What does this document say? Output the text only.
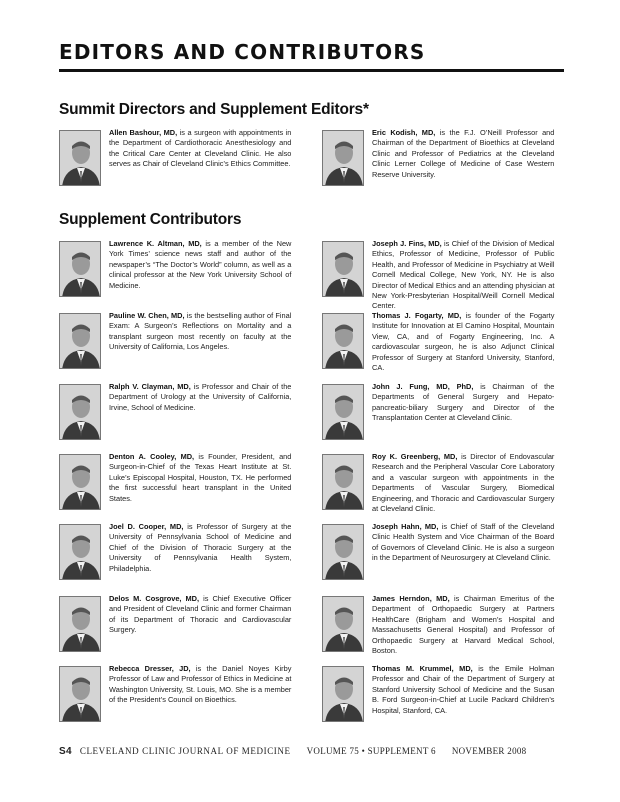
EDITORS AND CONTRIBUTORS
Summit Directors and Supplement Editors*
Supplement Contributors
Allen Bashour, MD, is a surgeon with appointments in the Department of Cardiothoracic Anesthesiology and the Critical Care Center at Cleveland Clinic. He also serves as Chair of Cleveland Clinic’s Ethics Committee.
Eric Kodish, MD, is the F.J. O’Neill Professor and Chairman of the Department of Bioethics at Cleveland Clinic and Professor of Pediatrics at the Cleveland Clinic Lerner College of Medicine of Case Western Reserve University.
Lawrence K. Altman, MD, is a member of the New York Times’ science news staff and author of the newspaper’s “The Doctor’s World” column, as well as a clinical professor at the New York University School of Medicine.
Pauline W. Chen, MD, is the bestselling author of Final Exam: A Surgeon’s Reflections on Mortality and a transplant surgeon most recently on faculty at the University of California, Los Angeles.
Ralph V. Clayman, MD, is Professor and Chair of the Department of Urology at the University of California, Irvine, School of Medicine.
Denton A. Cooley, MD, is Founder, President, and Surgeon-in-Chief of the Texas Heart Institute at St. Luke’s Episcopal Hospital, Houston, TX. He performed the first successful heart transplant in the United States.
Joel D. Cooper, MD, is Professor of Surgery at the University of Pennsylvania School of Medicine and Chief of the Division of Thoracic Surgery at the University of Pennsylvania Health System, Philadelphia.
Delos M. Cosgrove, MD, is Chief Executive Officer and President of Cleveland Clinic and former Chairman of its Department of Thoracic and Cardiovascular Surgery.
Rebecca Dresser, JD, is the Daniel Noyes Kirby Professor of Law and Professor of Ethics in Medicine at Washington University, St. Louis, MO. She is a member of the President’s Council on Bioethics.
Joseph J. Fins, MD, is Chief of the Division of Medical Ethics, Professor of Medicine, Professor of Public Health, and Professor of Medicine in Psychiatry at Weill Cornell Medical College, New York, NY. He is also Director of Medical Ethics and an attending physician at New York-Presbyterian Hospital/Weill Cornell Medical Center.
Thomas J. Fogarty, MD, is founder of the Fogarty Institute for Innovation at El Camino Hospital, Mountain View, CA, and of Fogarty Engineering, Inc. A cardiovascular surgeon, he is also Adjunct Clinical Professor of Surgery at Stanford University, Stanford, CA.
John J. Fung, MD, PhD, is Chairman of the Departments of General Surgery and Hepato-pancreatic-biliary Surgery and Director of the Transplantation Center at Cleveland Clinic.
Roy K. Greenberg, MD, is Director of Endovascular Research and the Peripheral Vascular Core Laboratory and a vascular surgeon with appointments in the Departments of Vascular Surgery, Biomedical Engineering, and Thoracic and Cardiovascular Surgery at Cleveland Clinic.
Joseph Hahn, MD, is Chief of Staff of the Cleveland Clinic Health System and Vice Chairman of the Board of Governors of Cleveland Clinic. He is also a surgeon in the Department of Neurosurgery at Cleveland Clinic.
James Herndon, MD, is Chairman Emeritus of the Department of Orthopaedic Surgery at Partners HealthCare (Brigham and Women’s Hospital and Massachusetts General Hospital) and Professor of Orthopaedic Surgery at Harvard Medical School, Boston.
Thomas M. Krummel, MD, is the Emile Holman Professor and Chair of the Department of Surgery at Stanford University School of Medicine and the Susan B. Ford Surgeon-in-Chief at Lucile Packard Children’s Hospital, Stanford, CA.
S4 CLEVELAND CLINIC JOURNAL OF MEDICINE VOLUME 75 • SUPPLEMENT 6 NOVEMBER 2008
